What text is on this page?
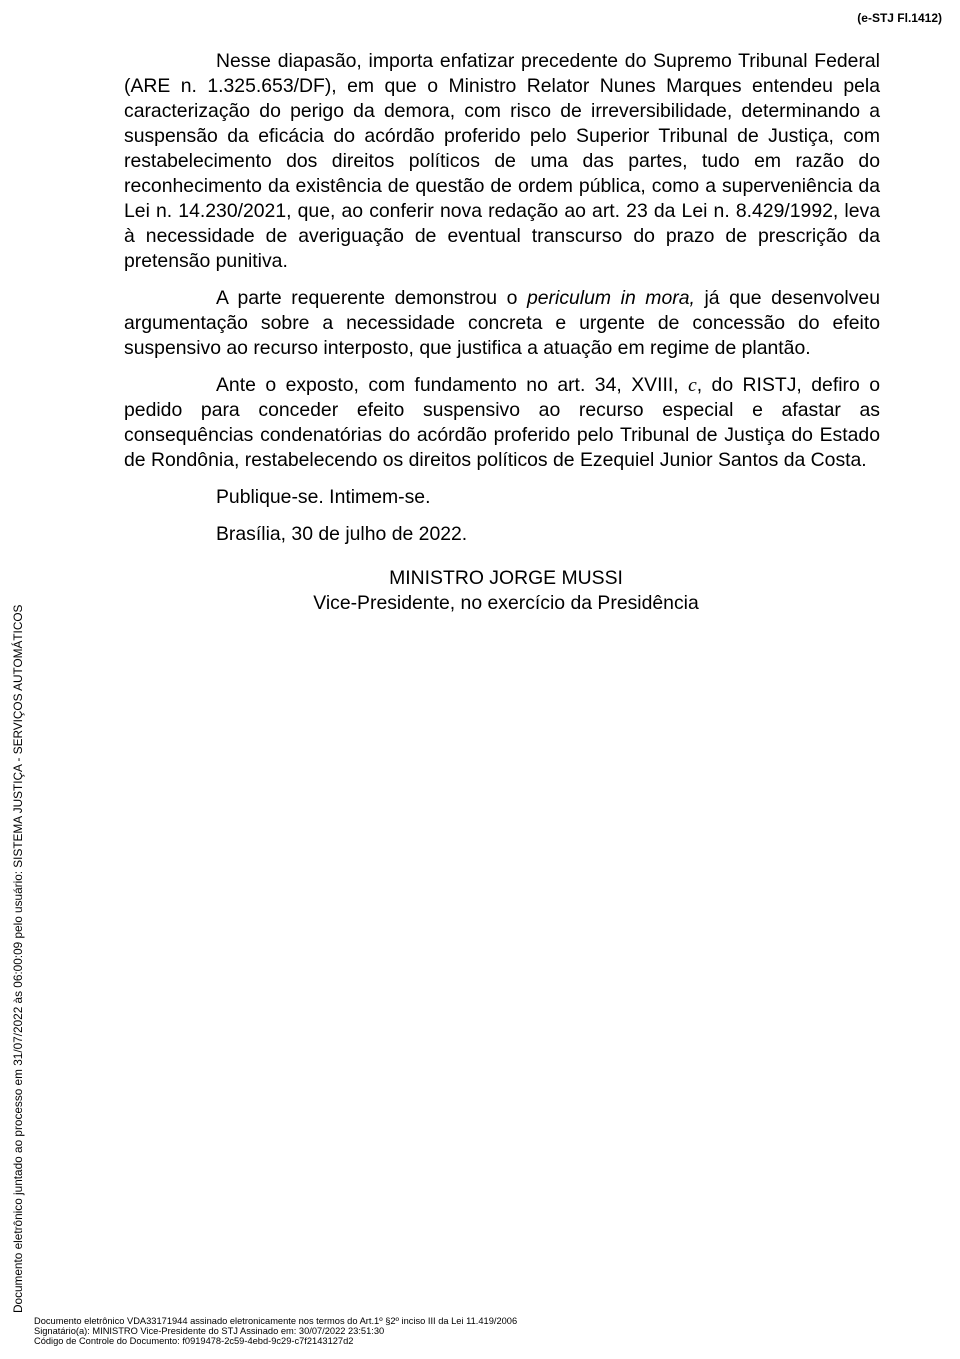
(e-STJ Fl.1412)

Nesse diapasão, importa enfatizar precedente do Supremo Tribunal Federal (ARE n. 1.325.653/DF), em que o Ministro Relator Nunes Marques entendeu pela caracterização do perigo da demora, com risco de irreversibilidade, determinando a suspensão da eficácia do acórdão proferido pelo Superior Tribunal de Justiça, com restabelecimento dos direitos políticos de uma das partes, tudo em razão do reconhecimento da existência de questão de ordem pública, como a superveniência da Lei n. 14.230/2021, que, ao conferir nova redação ao art. 23 da Lei n. 8.429/1992, leva à necessidade de averiguação de eventual transcurso do prazo de prescrição da pretensão punitiva.

A parte requerente demonstrou o periculum in mora, já que desenvolveu argumentação sobre a necessidade concreta e urgente de concessão do efeito suspensivo ao recurso interposto, que justifica a atuação em regime de plantão.

Ante o exposto, com fundamento no art. 34, XVIII, c, do RISTJ, defiro o pedido para conceder efeito suspensivo ao recurso especial e afastar as consequências condenatórias do acórdão proferido pelo Tribunal de Justiça do Estado de Rondônia, restabelecendo os direitos políticos de Ezequiel Junior Santos da Costa.

Publique-se. Intimem-se.

Brasília, 30 de julho de 2022.

MINISTRO JORGE MUSSI
Vice-Presidente, no exercício da Presidência
Documento eletrônico juntado ao processo em 31/07/2022 às 06:00:09 pelo usuário: SISTEMA JUSTIÇA - SERVIÇOS AUTOMÁTICOS
Documento eletrônico VDA33171944 assinado eletronicamente nos termos do Art.1º §2º inciso III da Lei 11.419/2006
Signatário(a): MINISTRO Vice-Presidente do STJ Assinado em: 30/07/2022 23:51:30
Código de Controle do Documento: f0919478-2c59-4ebd-9c29-c7f2143127d2
